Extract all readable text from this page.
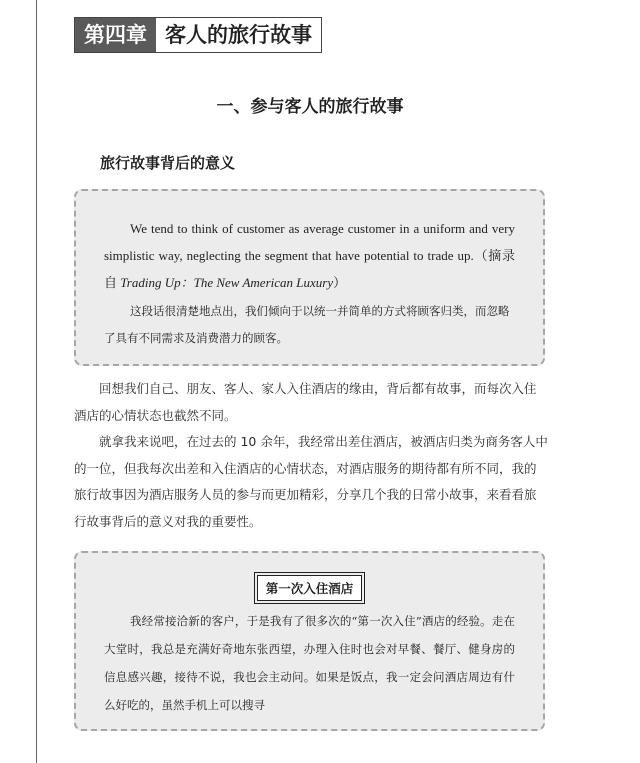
第四章 客人的旅行故事
一、参与客人的旅行故事
旅行故事背后的意义

We tend to think of customer as average customer in a uniform and very simplistic way, neglecting the segment that have potential to trade up.（摘录自 Trading Up：The New American Luxury）

这段话很清楚地点出，我们倾向于以统一并简单的方式将顾客归类，而忽略了具有不同需求及消费潜力的顾客。

回想我们自己、朋友、客人、家人入住酒店的缘由，背后都有故事，而每次入住酒店的心情状态也截然不同。

就拿我来说吧，在过去的 10 余年，我经常出差住酒店，被酒店归类为商务客人中的一位，但我每次出差和入住酒店的心情状态，对酒店服务的期待都有所不同，我的旅行故事因为酒店服务人员的参与而更加精彩，分享几个我的日常小故事，来看看旅行故事背后的意义对我的重要性。

第一次入住酒店

我经常接洽新的客户，于是我有了很多次的“第一次入住”酒店的经验。走在大堂时，我总是充满好奇地东张西望，办理入住时也会对早餐、餐厅、健身房的信息感兴趣，接待不说，我也会主动问。如果是饭点，我一定会问酒店周边有什么好吃的，虽然手机上可以搜寻
